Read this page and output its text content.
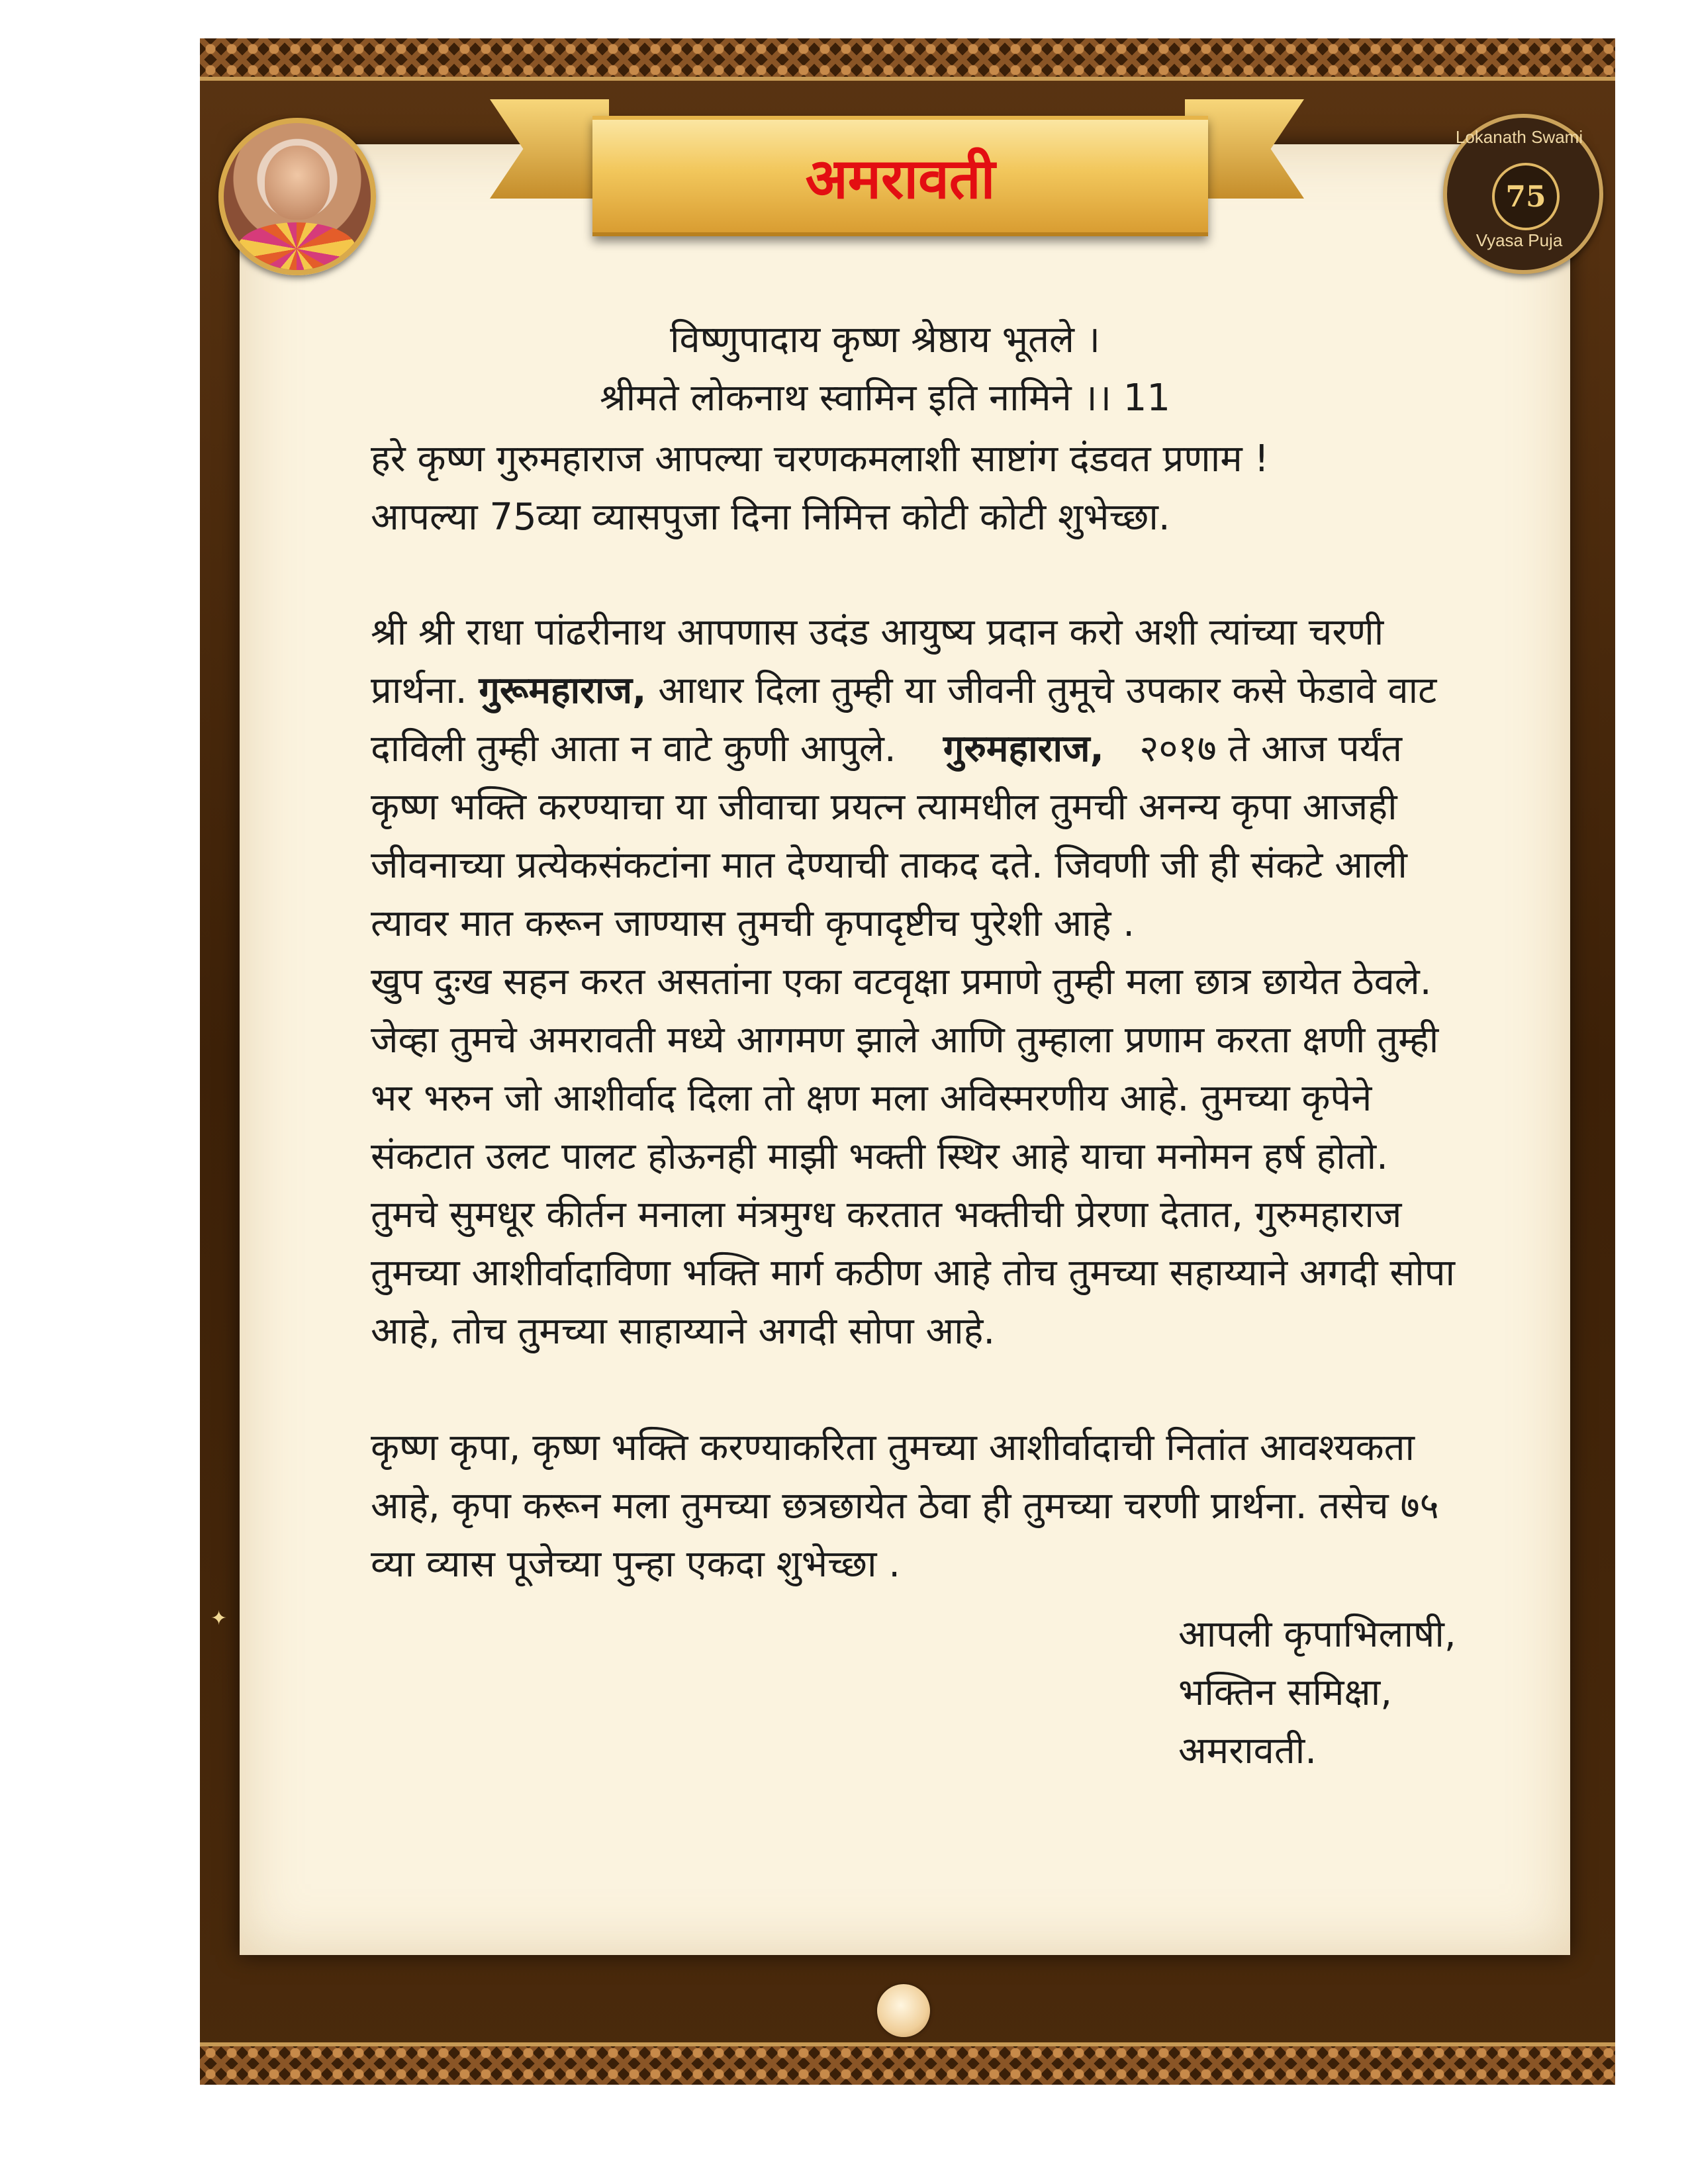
अमरावती
Lokanath Swami
75
Vyasa Puja
✦
विष्णुपादाय कृष्ण श्रेष्ठाय भूतले ।
श्रीमते लोकनाथ स्वामिन इति नामिने ।। 11
हरे कृष्ण गुरुमहाराज आपल्या चरणकमलाशी साष्टांग दंडवत प्रणाम !
आपल्या 75व्या व्यासपुजा दिना निमित्त कोटी कोटी शुभेच्छा.
श्री श्री राधा पांढरीनाथ आपणास उदंड आयुष्य प्रदान करो अशी त्यांच्या चरणी
प्रार्थना. गुरूमहाराज, आधार दिला तुम्ही या जीवनी तुमूचे उपकार कसे फेडावे वाट
दाविली तुम्ही आता न वाटे कुणी आपुले. गुरुमहाराज, २०१७ ते आज पर्यंत
कृष्ण भक्ति करण्याचा या जीवाचा प्रयत्न त्यामधील तुमची अनन्य कृपा आजही
जीवनाच्या प्रत्येकसंकटांना मात देण्याची ताकद दते. जिवणी जी ही संकटे आली
त्यावर मात करून जाण्यास तुमची कृपादृष्टीच पुरेशी आहे .
खुप दुःख सहन करत असतांना एका वटवृक्षा प्रमाणे तुम्ही मला छात्र छायेत ठेवले.
जेव्हा तुमचे अमरावती मध्ये आगमण झाले आणि तुम्हाला प्रणाम करता क्षणी तुम्ही
भर भरुन जो आशीर्वाद दिला तो क्षण मला अविस्मरणीय आहे. तुमच्या कृपेने
संकटात उलट पालट होऊनही माझी भक्ती स्थिर आहे याचा मनोमन हर्ष होतो.
तुमचे सुमधूर कीर्तन मनाला मंत्रमुग्ध करतात भक्तीची प्रेरणा देतात, गुरुमहाराज
तुमच्या आशीर्वादाविणा भक्ति मार्ग कठीण आहे तोच तुमच्या सहाय्याने अगदी सोपा
आहे, तोच तुमच्या साहाय्याने अगदी सोपा आहे.
कृष्ण कृपा, कृष्ण भक्ति करण्याकरिता तुमच्या आशीर्वादाची नितांत आवश्यकता
आहे, कृपा करून मला तुमच्या छत्रछायेत ठेवा ही तुमच्या चरणी प्रार्थना. तसेच ७५
व्या व्यास पूजेच्या पुन्हा एकदा शुभेच्छा .
आपली कृपाभिलाषी,
भक्तिन समिक्षा,
अमरावती.
